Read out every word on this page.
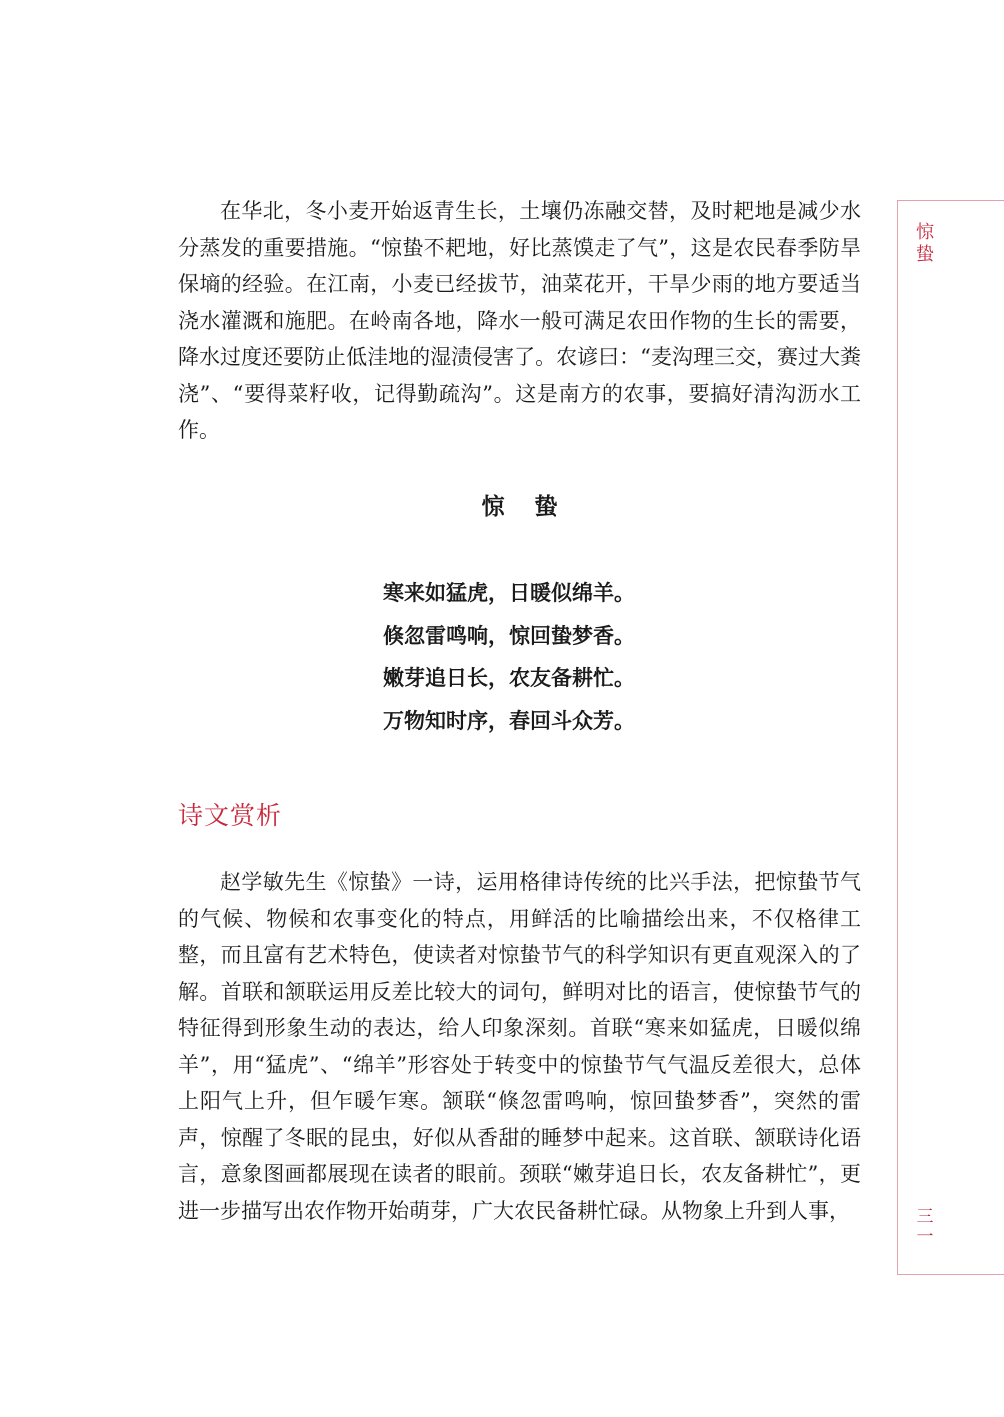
惊
蛰
三
一

在华北，冬小麦开始返青生长，土壤仍冻融交替，及时耙地是减少水分蒸发的重要措施。“惊蛰不耙地，好比蒸馍走了气”，这是农民春季防旱保墒的经验。在江南，小麦已经拔节，油菜花开，干旱少雨的地方要适当浇水灌溉和施肥。在岭南各地，降水一般可满足农田作物的生长的需要，降水过度还要防止低洼地的湿渍侵害了。农谚曰：“麦沟理三交，赛过大粪浇”、“要得菜籽收，记得勤疏沟”。这是南方的农事，要搞好清沟沥水工作。

惊蛰
寒来如猛虎，日暖似绵羊。
倏忽雷鸣响，惊回蛰梦香。
嫩芽追日长，农友备耕忙。
万物知时序，春回斗众芳。
诗文赏析

赵学敏先生《惊蛰》一诗，运用格律诗传统的比兴手法，把惊蛰节气的气候、物候和农事变化的特点，用鲜活的比喻描绘出来，不仅格律工整，而且富有艺术特色，使读者对惊蛰节气的科学知识有更直观深入的了解。首联和颔联运用反差比较大的词句，鲜明对比的语言，使惊蛰节气的特征得到形象生动的表达，给人印象深刻。首联“寒来如猛虎，日暖似绵羊”，用“猛虎”、“绵羊”形容处于转变中的惊蛰节气气温反差很大，总体上阳气上升，但乍暖乍寒。颔联“倏忽雷鸣响，惊回蛰梦香”，突然的雷声，惊醒了冬眠的昆虫，好似从香甜的睡梦中起来。这首联、颔联诗化语言，意象图画都展现在读者的眼前。颈联“嫩芽追日长，农友备耕忙”，更进一步描写出农作物开始萌芽，广大农民备耕忙碌。从物象上升到人事，
